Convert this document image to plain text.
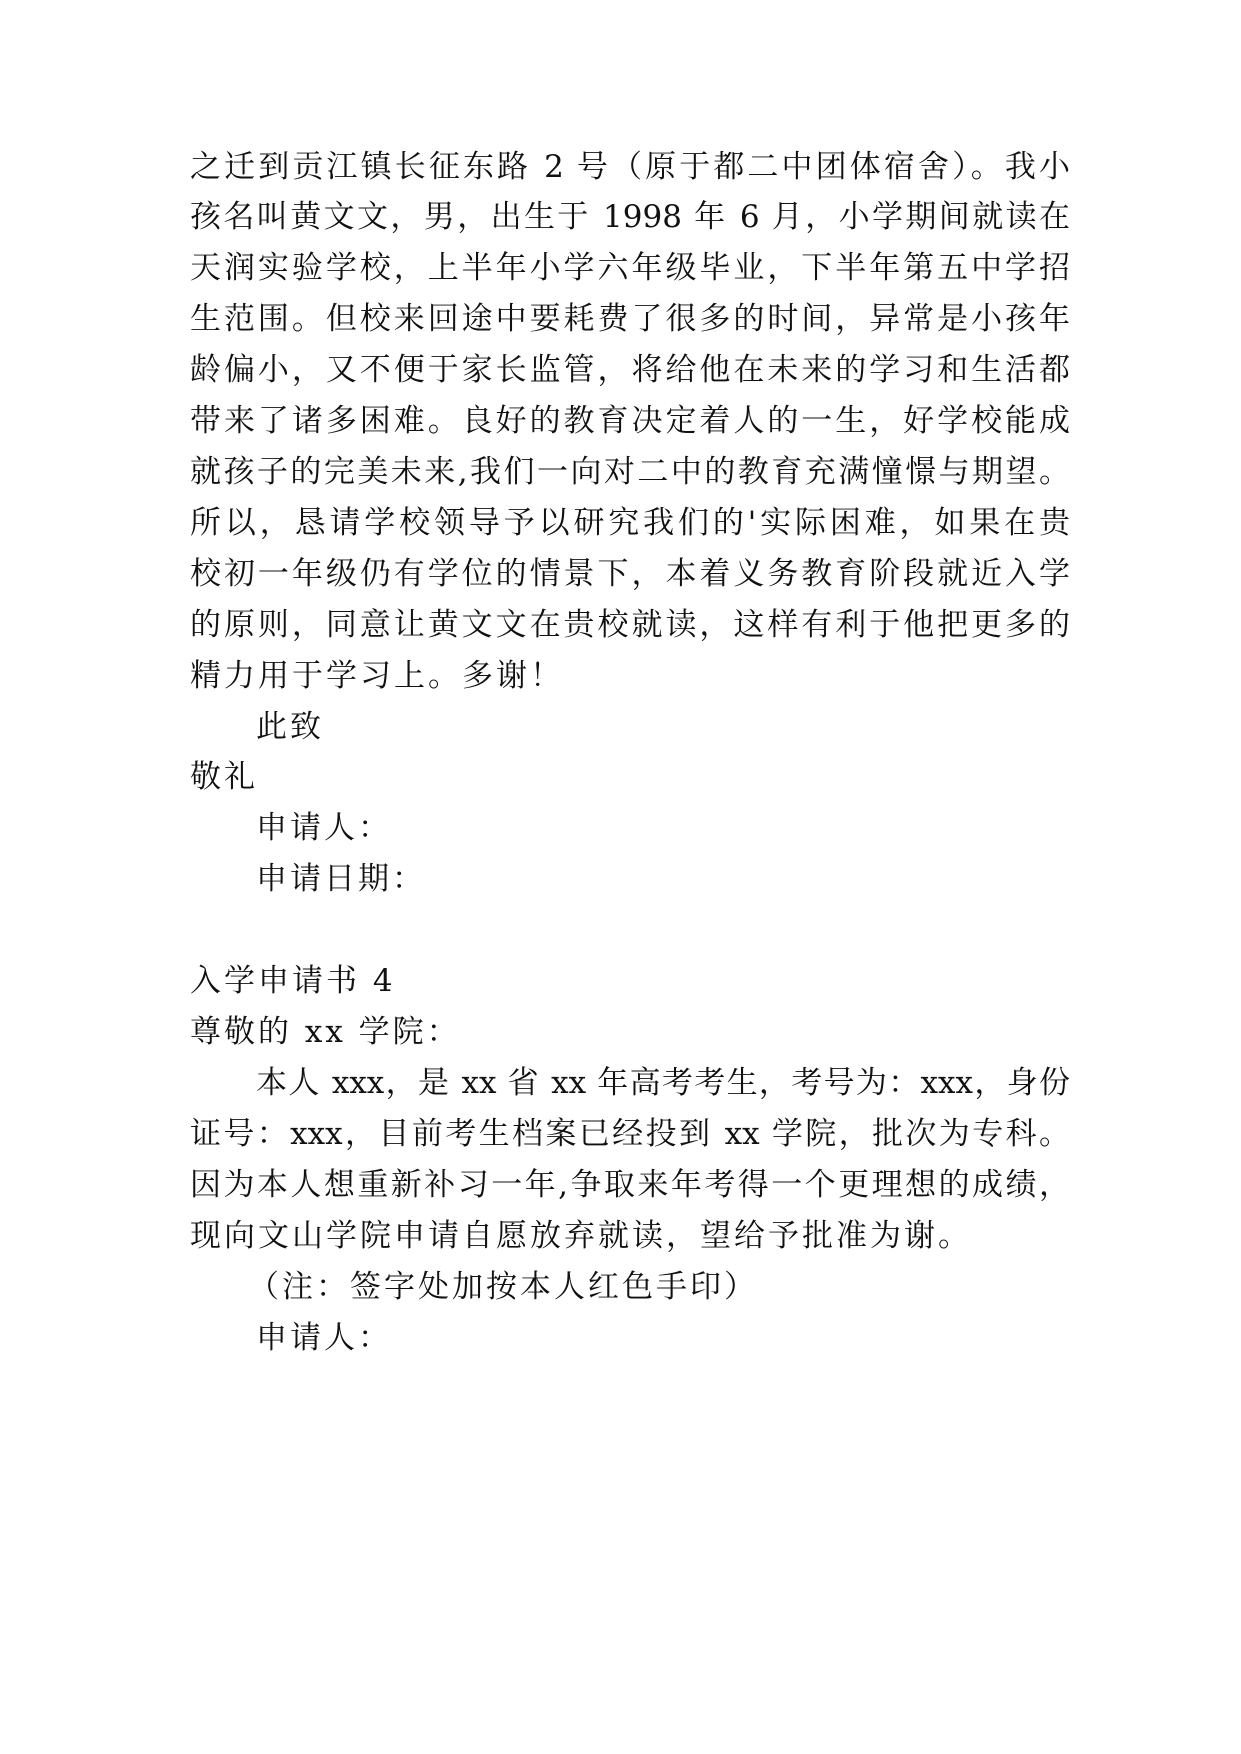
之迁到贡江镇长征东路 2 号（原于都二中团体宿舍）。我小
孩名叫黄文文，男，出生于 1998 年 6 月，小学期间就读在
天润实验学校，上半年小学六年级毕业，下半年第五中学招
生范围。但校来回途中要耗费了很多的时间，异常是小孩年
龄偏小，又不便于家长监管，将给他在未来的学习和生活都
带来了诸多困难。良好的教育决定着人的一生，好学校能成
就孩子的完美未来,我们一向对二中的教育充满憧憬与期望。
所以，恳请学校领导予以研究我们的'实际困难，如果在贵
校初一年级仍有学位的情景下，本着义务教育阶段就近入学
的原则，同意让黄文文在贵校就读，这样有利于他把更多的
精力用于学习上。多谢！
此致
敬礼
申请人：
申请日期：
入学申请书 4
尊敬的 xx 学院：
本人 xxx，是 xx 省 xx 年高考考生，考号为：xxx，身份
证号：xxx，目前考生档案已经投到 xx 学院，批次为专科。
因为本人想重新补习一年,争取来年考得一个更理想的成绩，
现向文山学院申请自愿放弃就读，望给予批准为谢。
（注：签字处加按本人红色手印）
申请人：
